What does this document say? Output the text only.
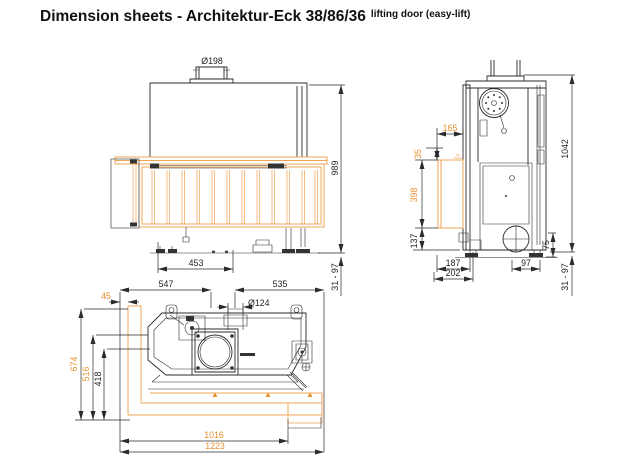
Dimension sheets - Architektur-Eck 38/86/36 $^{lifting door (easy-lift)}$
453
989
31 - 97
Ø198
165
35
398
137
187
202
97
75
1042
31 - 97
547	535
45
Ø124
674
516 418
1016
1223
